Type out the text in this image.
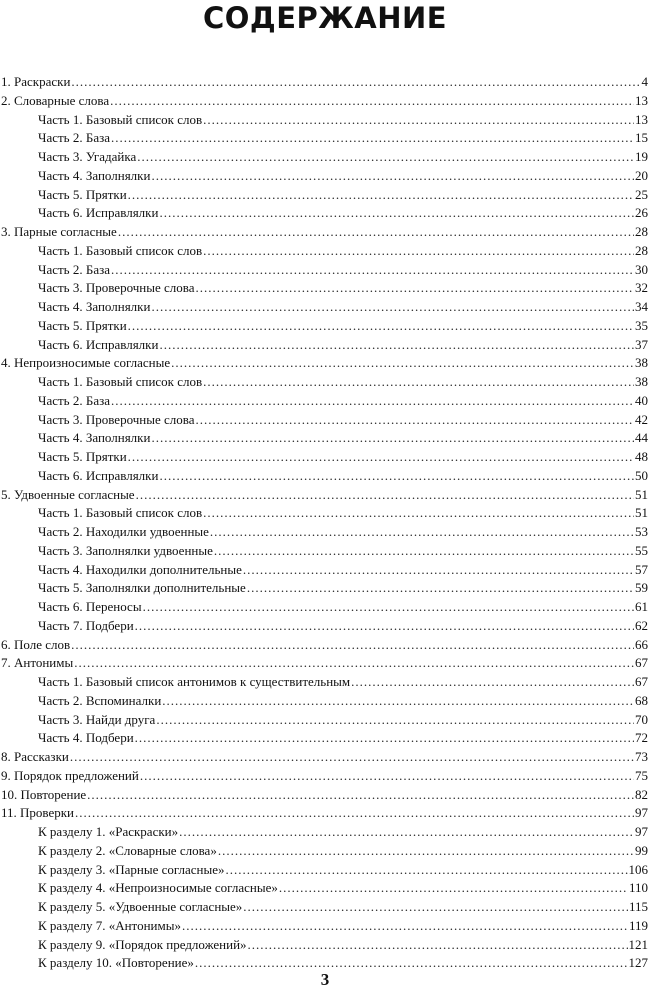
СОДЕРЖАНИЕ
1. Раскраски .....	4
2. Словарные слова .....	13
Часть 1. Базовый список слов .....	13
Часть 2. База .....	15
Часть 3. Угадайка .....	19
Часть 4. Заполнялки .....	20
Часть 5. Прятки .....	25
Часть 6. Исправлялки .....	26
3. Парные согласные .....	28
Часть 1. Базовый список слов .....	28
Часть 2. База .....	30
Часть 3. Проверочные слова .....	32
Часть 4. Заполнялки .....	34
Часть 5. Прятки .....	35
Часть 6. Исправлялки .....	37
4. Непроизносимые согласные .....	38
Часть 1. Базовый список слов .....	38
Часть 2. База .....	40
Часть 3. Проверочные слова .....	42
Часть 4. Заполнялки .....	44
Часть 5. Прятки .....	48
Часть 6. Исправлялки .....	50
5. Удвоенные согласные .....	51
Часть 1. Базовый список слов .....	51
Часть 2. Находилки удвоенные .....	53
Часть 3. Заполнялки удвоенные .....	55
Часть 4. Находилки дополнительные .....	57
Часть 5. Заполнялки дополнительные .....	59
Часть 6. Переносы .....	61
Часть 7. Подбери .....	62
6. Поле слов .....	66
7. Антонимы .....	67
Часть 1. Базовый список антонимов к существительным .....	67
Часть 2. Вспоминалки .....	68
Часть 3. Найди друга .....	70
Часть 4. Подбери .....	72
8. Рассказки .....	73
9. Порядок предложений .....	75
10. Повторение .....	82
11. Проверки .....	97
К разделу 1. «Раскраски» .....	97
К разделу 2. «Словарные слова» .....	99
К разделу 3. «Парные согласные» .....	106
К разделу 4. «Непроизносимые согласные» .....	110
К разделу 5. «Удвоенные согласные» .....	115
К разделу 7. «Антонимы» .....	119
К разделу 9. «Порядок предложений» .....	121
К разделу 10. «Повторение» .....	127
3
